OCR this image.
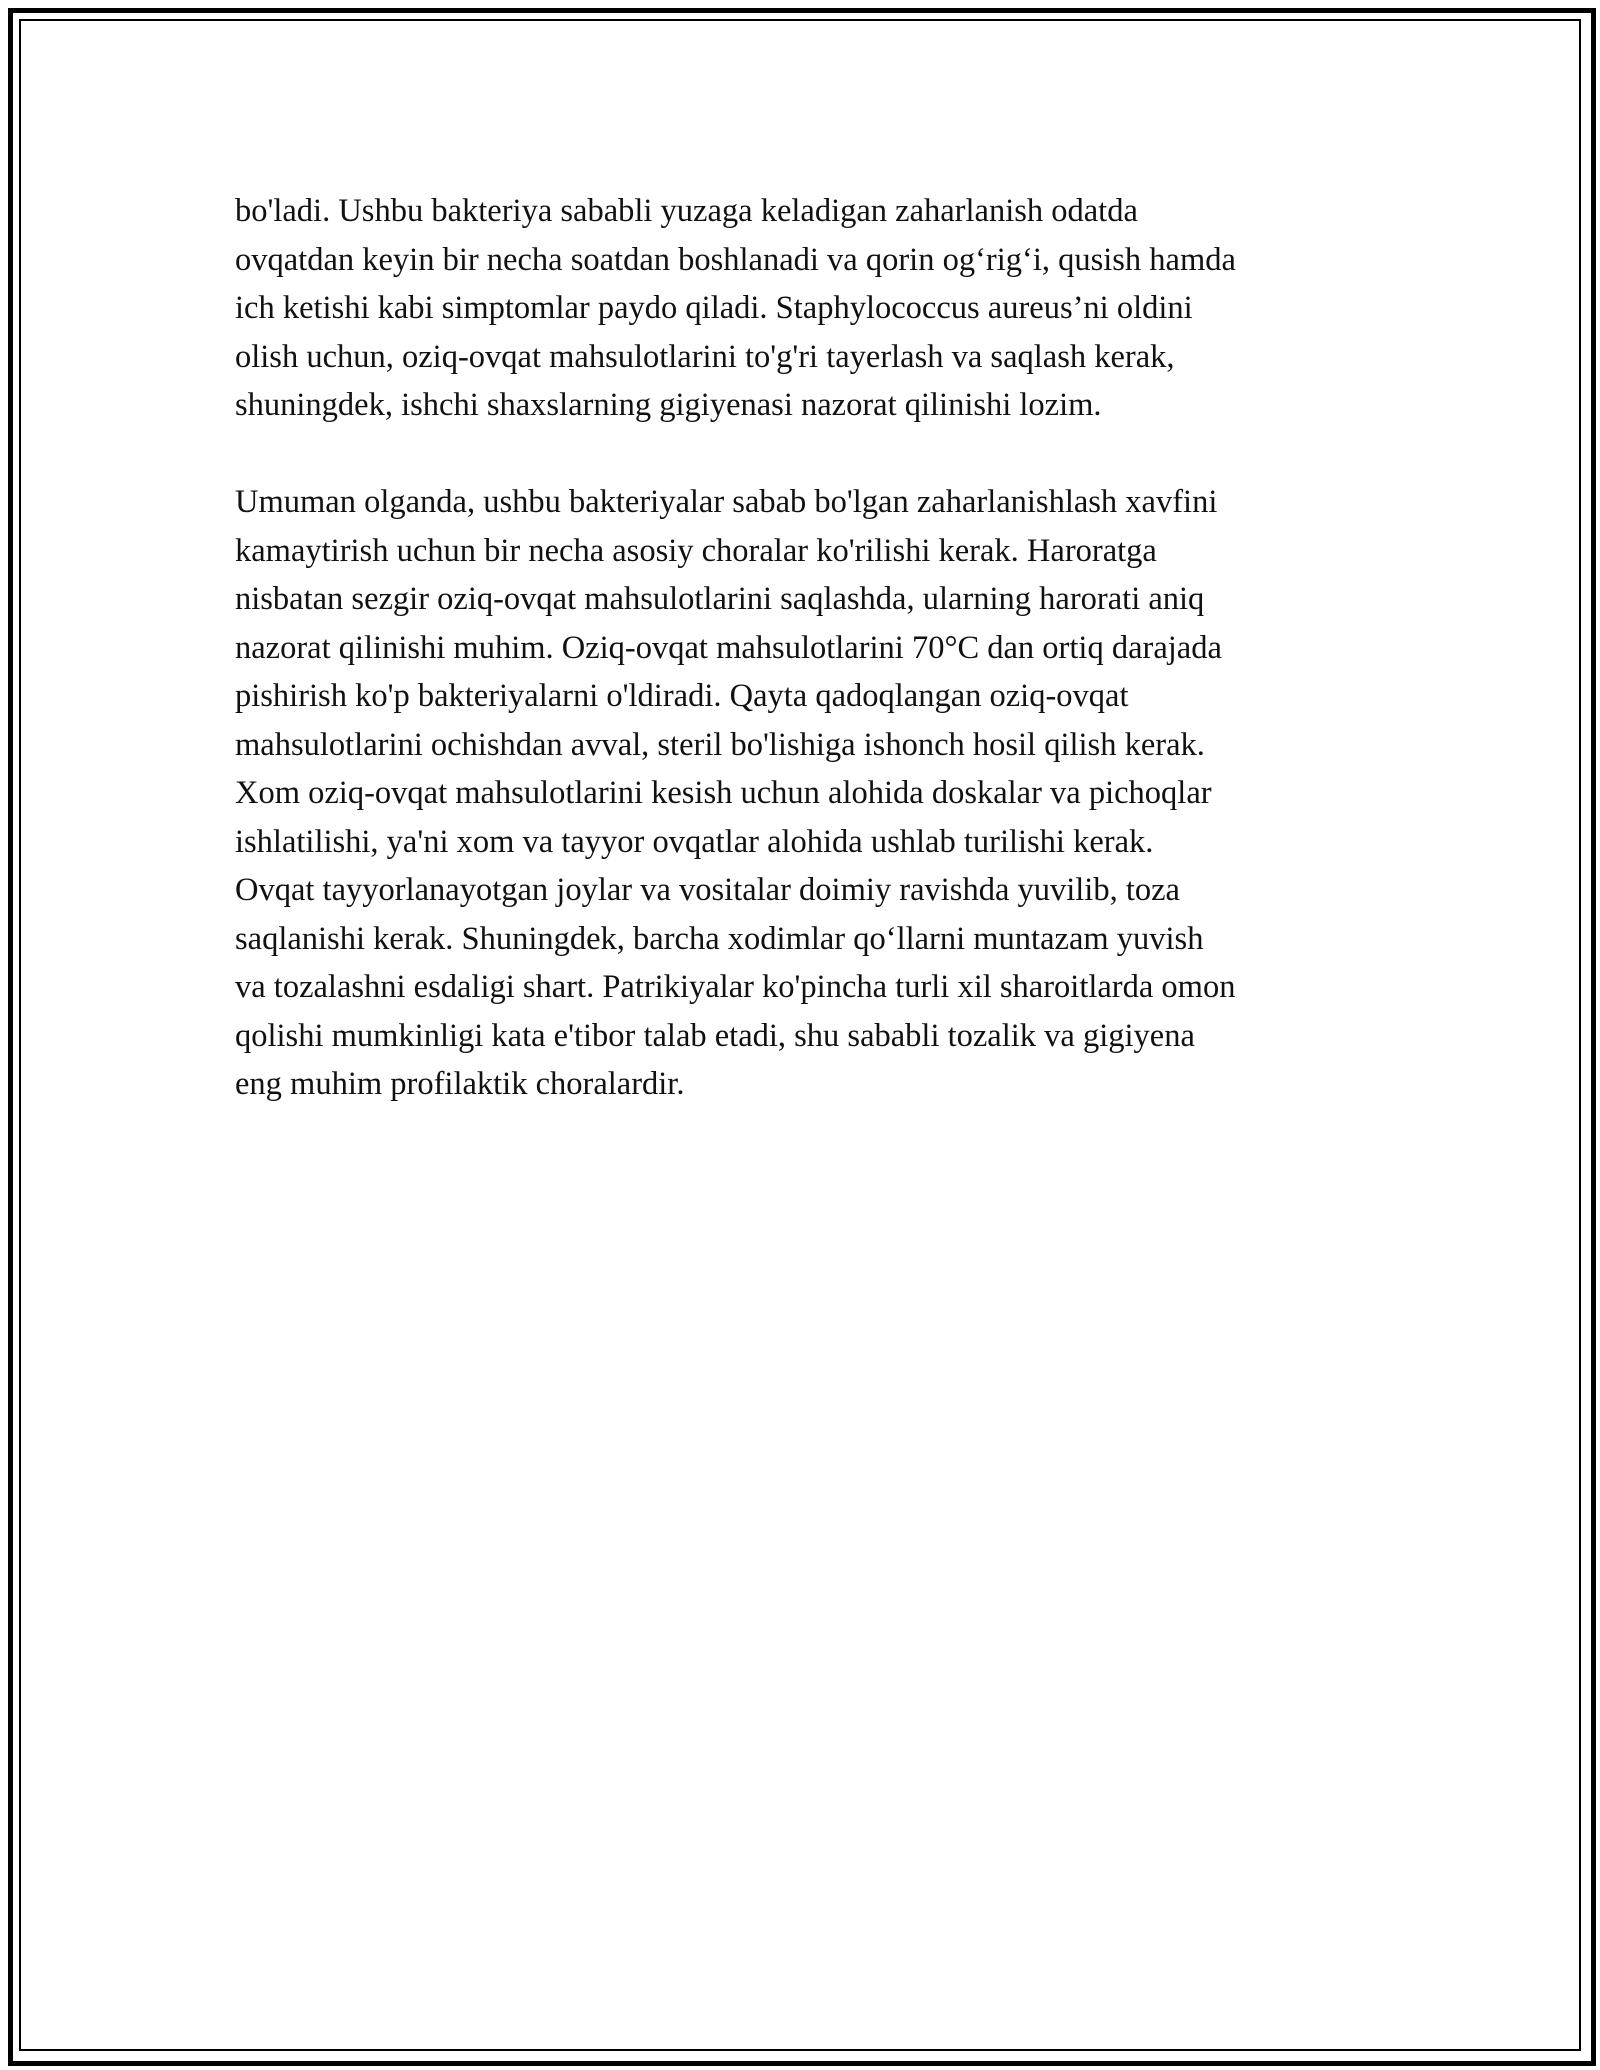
bo'ladi. Ushbu bakteriya sababli yuzaga keladigan zaharlanish odatda
ovqatdan keyin bir necha soatdan boshlanadi va qorin og‘rig‘i, qusish hamda
ich ketishi kabi simptomlar paydo qiladi. Staphylococcus aureus’ni oldini
olish uchun, oziq-ovqat mahsulotlarini to'g'ri tayerlash va saqlash kerak,
shuningdek, ishchi shaxslarning gigiyenasi nazorat qilinishi lozim.

Umuman olganda, ushbu bakteriyalar sabab bo'lgan zaharlanishlash xavfini
kamaytirish uchun bir necha asosiy choralar ko'rilishi kerak. Haroratga
nisbatan sezgir oziq-ovqat mahsulotlarini saqlashda, ularning harorati aniq
nazorat qilinishi muhim. Oziq-ovqat mahsulotlarini 70°C dan ortiq darajada
pishirish ko'p bakteriyalarni o'ldiradi. Qayta qadoqlangan oziq-ovqat
mahsulotlarini ochishdan avval, steril bo'lishiga ishonch hosil qilish kerak.
Xom oziq-ovqat mahsulotlarini kesish uchun alohida doskalar va pichoqlar
ishlatilishi, ya'ni xom va tayyor ovqatlar alohida ushlab turilishi kerak.
Ovqat tayyorlanayotgan joylar va vositalar doimiy ravishda yuvilib, toza
saqlanishi kerak. Shuningdek, barcha xodimlar qo‘llarni muntazam yuvish
va tozalashni esdaligi shart. Patrikiyalar ko'pincha turli xil sharoitlarda omon
qolishi mumkinligi kata e'tibor talab etadi, shu sababli tozalik va gigiyena
eng muhim profilaktik choralardir.
